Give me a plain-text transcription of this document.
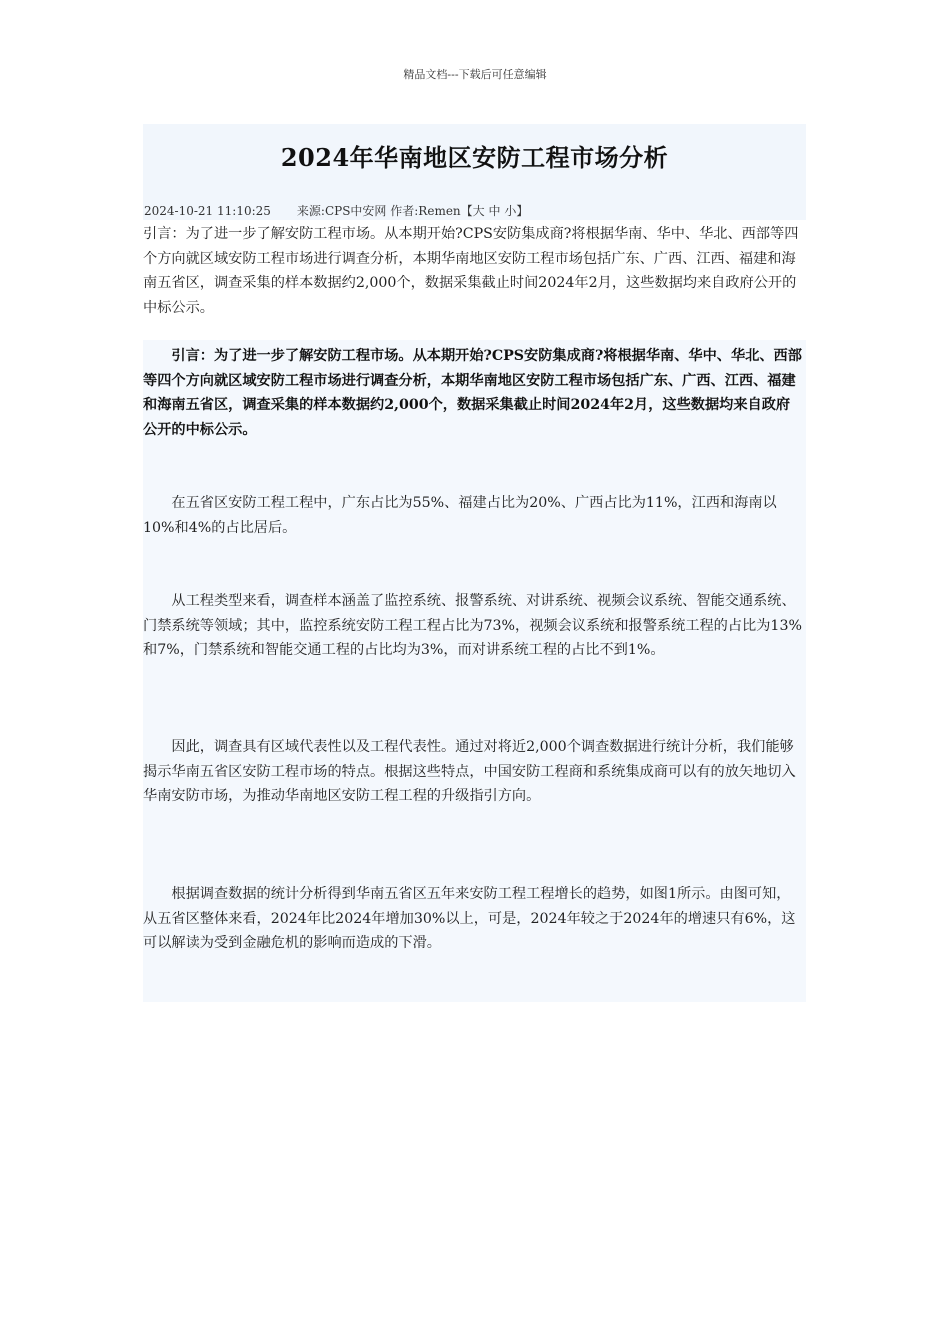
精品文档---下载后可任意编辑
2024年华南地区安防工程市场分析
2024-10-21 11:10:25 来源:CPS中安网 作者:Remen【大 中 小】
引言：为了进一步了解安防工程市场。从本期开始?CPS安防集成商?将根据华南、华中、华北、西部等四个方向就区域安防工程市场进行调查分析，本期华南地区安防工程市场包括广东、广西、江西、福建和海南五省区，调查采集的样本数据约2,000个，数据采集截止时间2024年2月，这些数据均来自政府公开的中标公示。
引言：为了进一步了解安防工程市场。从本期开始?CPS安防集成商?将根据华南、华中、华北、西部等四个方向就区域安防工程市场进行调查分析，本期华南地区安防工程市场包括广东、广西、江西、福建和海南五省区，调查采集的样本数据约2,000个，数据采集截止时间2024年2月，这些数据均来自政府公开的中标公示。
在五省区安防工程工程中，广东占比为55%、福建占比为20%、广西占比为11%，江西和海南以10%和4%的占比居后。
从工程类型来看，调查样本涵盖了监控系统、报警系统、对讲系统、视频会议系统、智能交通系统、门禁系统等领域；其中，监控系统安防工程工程占比为73%，视频会议系统和报警系统工程的占比为13%和7%，门禁系统和智能交通工程的占比均为3%，而对讲系统工程的占比不到1%。
因此，调查具有区域代表性以及工程代表性。通过对将近2,000个调查数据进行统计分析，我们能够揭示华南五省区安防工程市场的特点。根据这些特点，中国安防工程商和系统集成商可以有的放矢地切入华南安防市场，为推动华南地区安防工程工程的升级指引方向。
根据调查数据的统计分析得到华南五省区五年来安防工程工程增长的趋势，如图1所示。由图可知，从五省区整体来看，2024年比2024年增加30%以上，可是，2024年较之于2024年的增速只有6%，这可以解读为受到金融危机的影响而造成的下滑。
